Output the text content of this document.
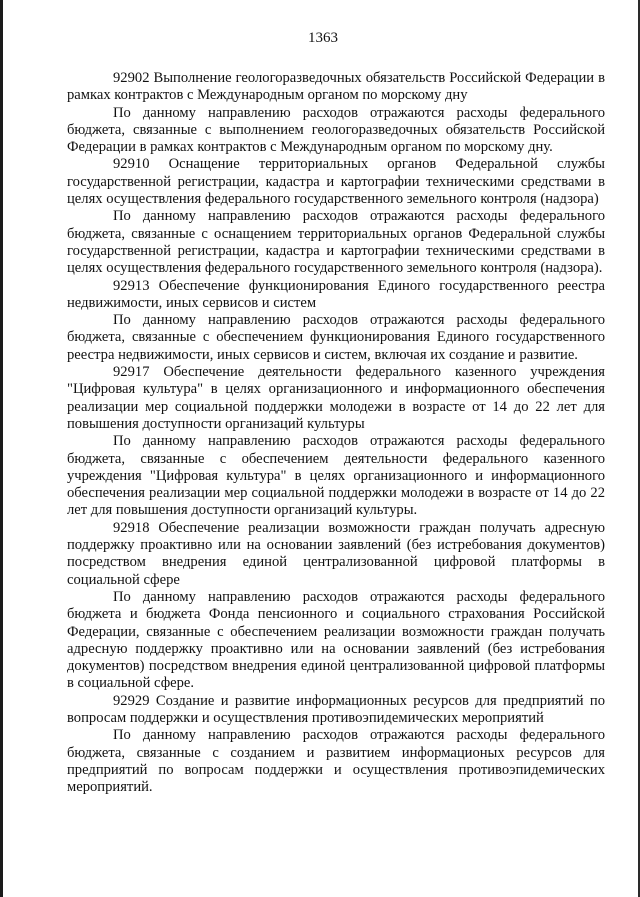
1363

92902 Выполнение геологоразведочных обязательств Российской Федерации в рамках контрактов с Международным органом по морскому дну

По данному направлению расходов отражаются расходы федерального бюджета, связанные с выполнением геологоразведочных обязательств Российской Федерации в рамках контрактов с Международным органом по морскому дну.

92910 Оснащение территориальных органов Федеральной службы государственной регистрации, кадастра и картографии техническими средствами в целях осуществления федерального государственного земельного контроля (надзора)

По данному направлению расходов отражаются расходы федерального бюджета, связанные с оснащением территориальных органов Федеральной службы государственной регистрации, кадастра и картографии техническими средствами в целях осуществления федерального государственного земельного контроля (надзора).

92913 Обеспечение функционирования Единого государственного реестра недвижимости, иных сервисов и систем

По данному направлению расходов отражаются расходы федерального бюджета, связанные с обеспечением функционирования Единого государственного реестра недвижимости, иных сервисов и систем, включая их создание и развитие.

92917 Обеспечение деятельности федерального казенного учреждения "Цифровая культура" в целях организационного и информационного обеспечения реализации мер социальной поддержки молодежи в возрасте от 14 до 22 лет для повышения доступности организаций культуры

По данному направлению расходов отражаются расходы федерального бюджета, связанные с обеспечением деятельности федерального казенного учреждения "Цифровая культура" в целях организационного и информационного обеспечения реализации мер социальной поддержки молодежи в возрасте от 14 до 22 лет для повышения доступности организаций культуры.

92918 Обеспечение реализации возможности граждан получать адресную поддержку проактивно или на основании заявлений (без истребования документов) посредством внедрения единой централизованной цифровой платформы в социальной сфере

По данному направлению расходов отражаются расходы федерального бюджета и бюджета Фонда пенсионного и социального страхования Российской Федерации, связанные с обеспечением реализации возможности граждан получать адресную поддержку проактивно или на основании заявлений (без истребования документов) посредством внедрения единой централизованной цифровой платформы в социальной сфере.

92929 Создание и развитие информационных ресурсов для предприятий по вопросам поддержки и осуществления противоэпидемических мероприятий

По данному направлению расходов отражаются расходы федерального бюджета, связанные с созданием и развитием информационых ресурсов для предприятий по вопросам поддержки и осуществления противоэпидемических мероприятий.
